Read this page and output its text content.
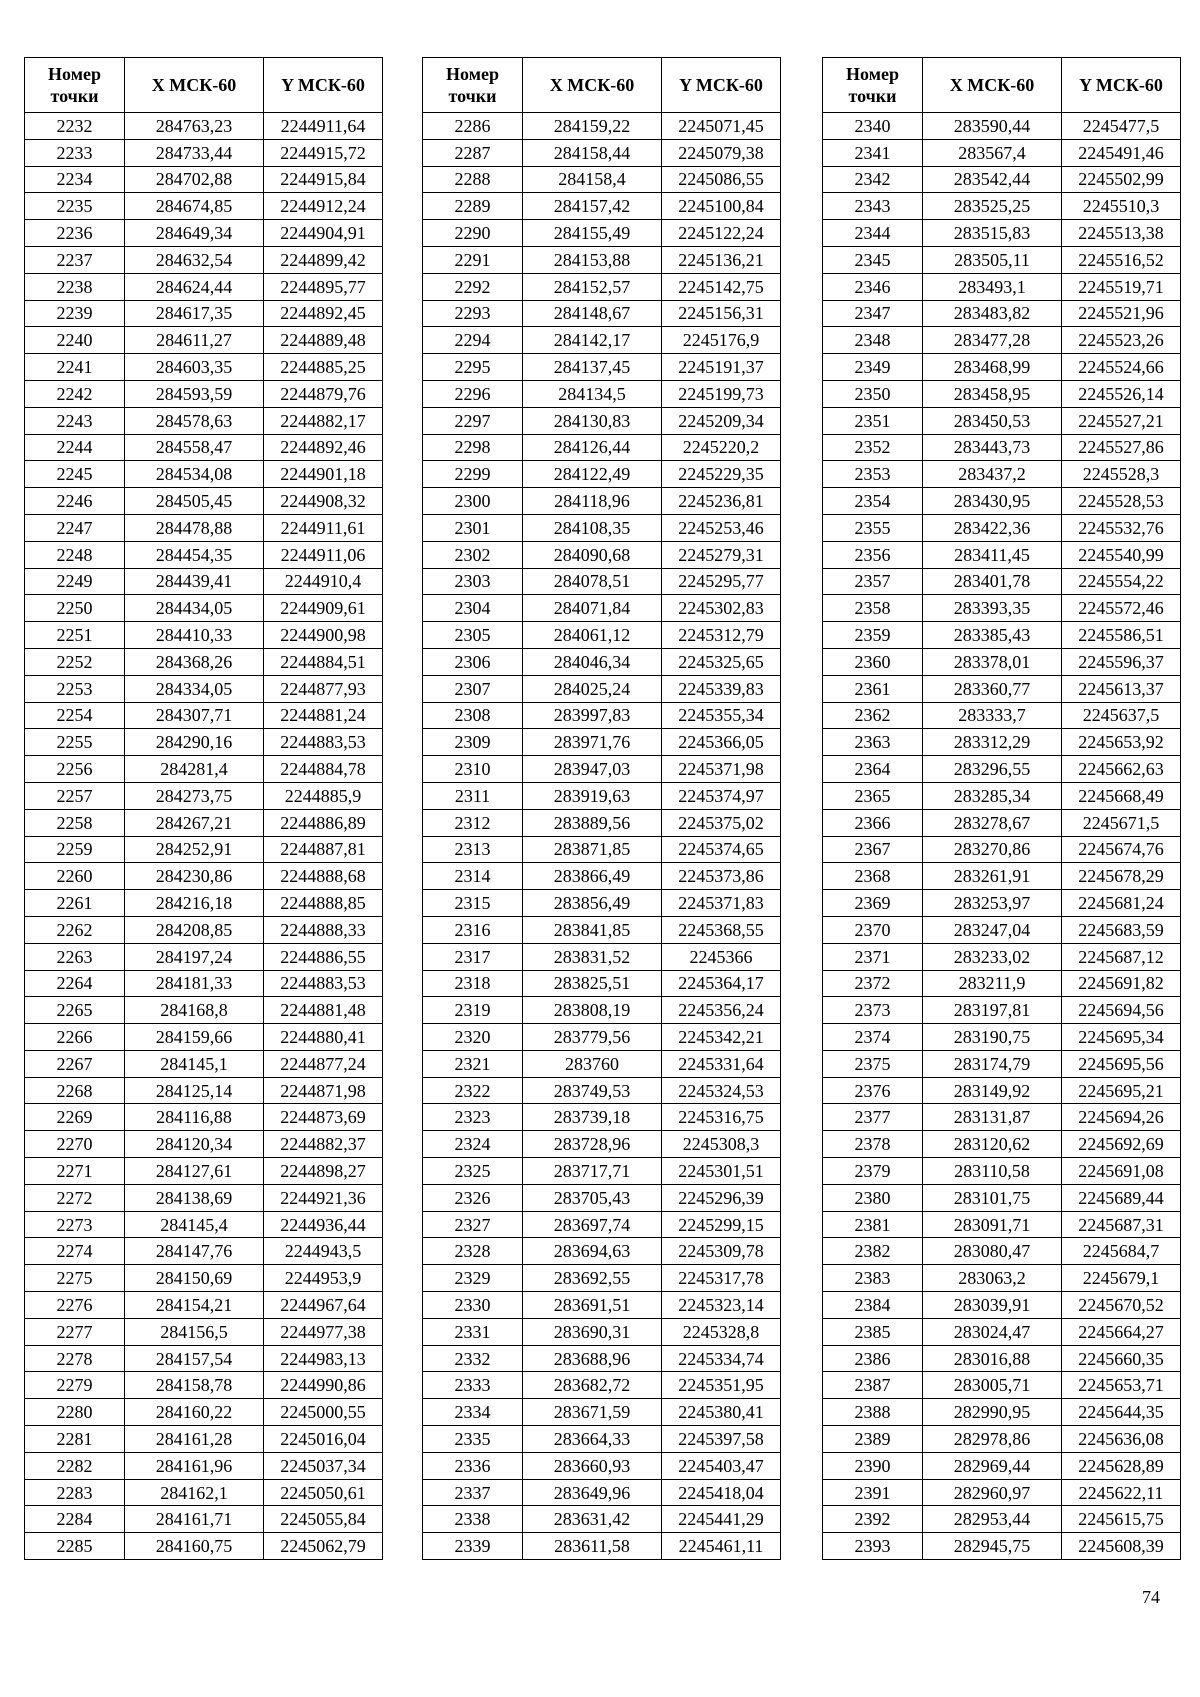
Номер
точки	X МСК-60	Y МСК-60
2232	284763,23	2244911,64
2233	284733,44	2244915,72
2234	284702,88	2244915,84
2235	284674,85	2244912,24
2236	284649,34	2244904,91
2237	284632,54	2244899,42
2238	284624,44	2244895,77
2239	284617,35	2244892,45
2240	284611,27	2244889,48
2241	284603,35	2244885,25
2242	284593,59	2244879,76
2243	284578,63	2244882,17
2244	284558,47	2244892,46
2245	284534,08	2244901,18
2246	284505,45	2244908,32
2247	284478,88	2244911,61
2248	284454,35	2244911,06
2249	284439,41	2244910,4
2250	284434,05	2244909,61
2251	284410,33	2244900,98
2252	284368,26	2244884,51
2253	284334,05	2244877,93
2254	284307,71	2244881,24
2255	284290,16	2244883,53
2256	284281,4	2244884,78
2257	284273,75	2244885,9
2258	284267,21	2244886,89
2259	284252,91	2244887,81
2260	284230,86	2244888,68
2261	284216,18	2244888,85
2262	284208,85	2244888,33
2263	284197,24	2244886,55
2264	284181,33	2244883,53
2265	284168,8	2244881,48
2266	284159,66	2244880,41
2267	284145,1	2244877,24
2268	284125,14	2244871,98
2269	284116,88	2244873,69
2270	284120,34	2244882,37
2271	284127,61	2244898,27
2272	284138,69	2244921,36
2273	284145,4	2244936,44
2274	284147,76	2244943,5
2275	284150,69	2244953,9
2276	284154,21	2244967,64
2277	284156,5	2244977,38
2278	284157,54	2244983,13
2279	284158,78	2244990,86
2280	284160,22	2245000,55
2281	284161,28	2245016,04
2282	284161,96	2245037,34
2283	284162,1	2245050,61
2284	284161,71	2245055,84
2285	284160,75	2245062,79
Номер
точки	X МСК-60	Y МСК-60
2286	284159,22	2245071,45
2287	284158,44	2245079,38
2288	284158,4	2245086,55
2289	284157,42	2245100,84
2290	284155,49	2245122,24
2291	284153,88	2245136,21
2292	284152,57	2245142,75
2293	284148,67	2245156,31
2294	284142,17	2245176,9
2295	284137,45	2245191,37
2296	284134,5	2245199,73
2297	284130,83	2245209,34
2298	284126,44	2245220,2
2299	284122,49	2245229,35
2300	284118,96	2245236,81
2301	284108,35	2245253,46
2302	284090,68	2245279,31
2303	284078,51	2245295,77
2304	284071,84	2245302,83
2305	284061,12	2245312,79
2306	284046,34	2245325,65
2307	284025,24	2245339,83
2308	283997,83	2245355,34
2309	283971,76	2245366,05
2310	283947,03	2245371,98
2311	283919,63	2245374,97
2312	283889,56	2245375,02
2313	283871,85	2245374,65
2314	283866,49	2245373,86
2315	283856,49	2245371,83
2316	283841,85	2245368,55
2317	283831,52	2245366
2318	283825,51	2245364,17
2319	283808,19	2245356,24
2320	283779,56	2245342,21
2321	283760	2245331,64
2322	283749,53	2245324,53
2323	283739,18	2245316,75
2324	283728,96	2245308,3
2325	283717,71	2245301,51
2326	283705,43	2245296,39
2327	283697,74	2245299,15
2328	283694,63	2245309,78
2329	283692,55	2245317,78
2330	283691,51	2245323,14
2331	283690,31	2245328,8
2332	283688,96	2245334,74
2333	283682,72	2245351,95
2334	283671,59	2245380,41
2335	283664,33	2245397,58
2336	283660,93	2245403,47
2337	283649,96	2245418,04
2338	283631,42	2245441,29
2339	283611,58	2245461,11
Номер
точки	X МСК-60	Y МСК-60
2340	283590,44	2245477,5
2341	283567,4	2245491,46
2342	283542,44	2245502,99
2343	283525,25	2245510,3
2344	283515,83	2245513,38
2345	283505,11	2245516,52
2346	283493,1	2245519,71
2347	283483,82	2245521,96
2348	283477,28	2245523,26
2349	283468,99	2245524,66
2350	283458,95	2245526,14
2351	283450,53	2245527,21
2352	283443,73	2245527,86
2353	283437,2	2245528,3
2354	283430,95	2245528,53
2355	283422,36	2245532,76
2356	283411,45	2245540,99
2357	283401,78	2245554,22
2358	283393,35	2245572,46
2359	283385,43	2245586,51
2360	283378,01	2245596,37
2361	283360,77	2245613,37
2362	283333,7	2245637,5
2363	283312,29	2245653,92
2364	283296,55	2245662,63
2365	283285,34	2245668,49
2366	283278,67	2245671,5
2367	283270,86	2245674,76
2368	283261,91	2245678,29
2369	283253,97	2245681,24
2370	283247,04	2245683,59
2371	283233,02	2245687,12
2372	283211,9	2245691,82
2373	283197,81	2245694,56
2374	283190,75	2245695,34
2375	283174,79	2245695,56
2376	283149,92	2245695,21
2377	283131,87	2245694,26
2378	283120,62	2245692,69
2379	283110,58	2245691,08
2380	283101,75	2245689,44
2381	283091,71	2245687,31
2382	283080,47	2245684,7
2383	283063,2	2245679,1
2384	283039,91	2245670,52
2385	283024,47	2245664,27
2386	283016,88	2245660,35
2387	283005,71	2245653,71
2388	282990,95	2245644,35
2389	282978,86	2245636,08
2390	282969,44	2245628,89
2391	282960,97	2245622,11
2392	282953,44	2245615,75
2393	282945,75	2245608,39
74
